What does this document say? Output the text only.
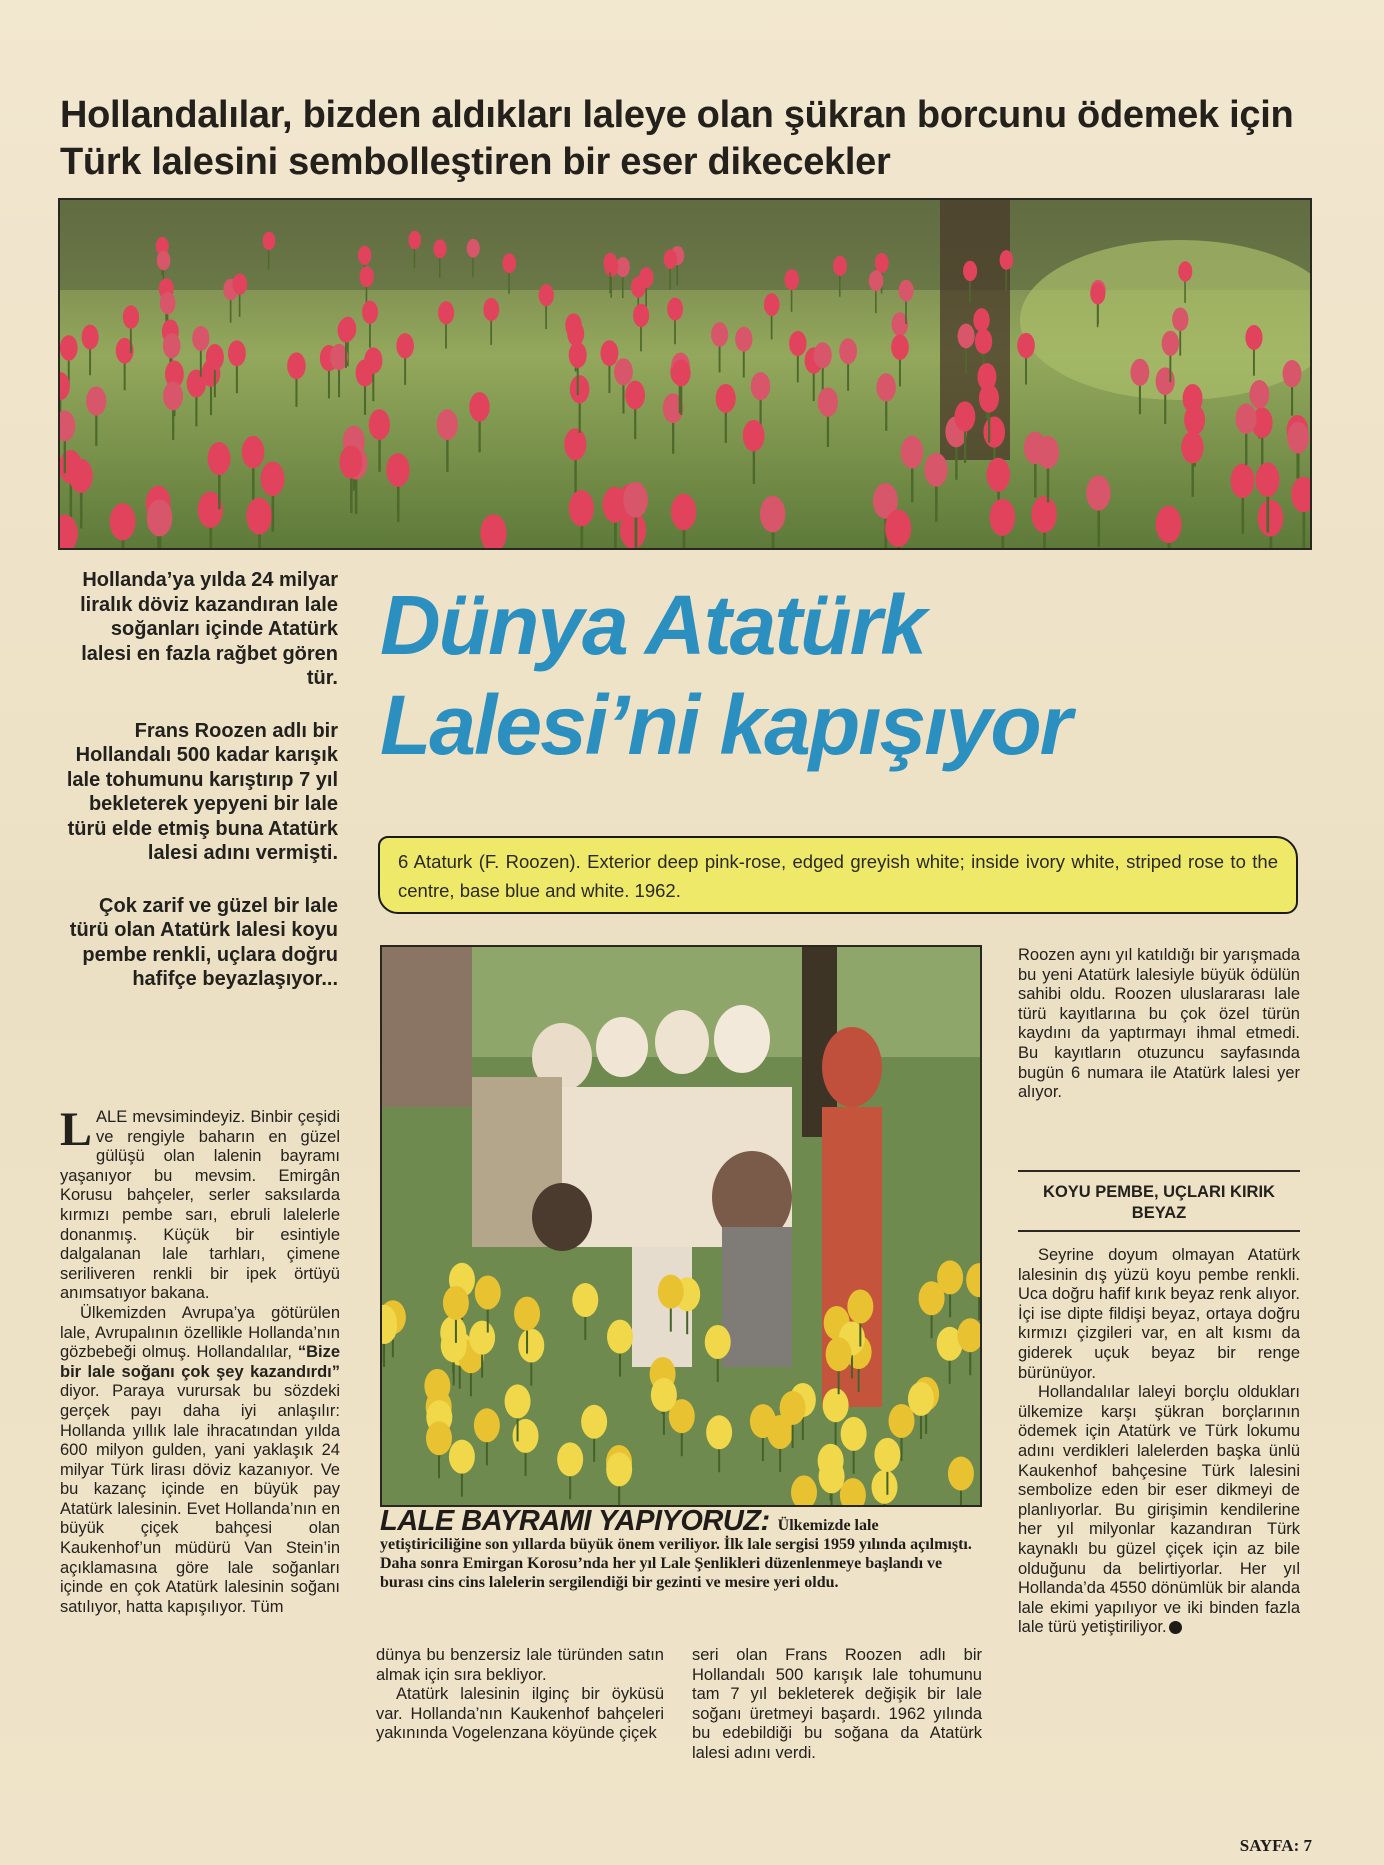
Hollandalılar, bizden aldıkları laleye olan şükran borcunu ödemek için Türk lalesini sembolleştiren bir eser dikecekler

Hollanda’ya yılda 24 milyar liralık döviz kazandıran lale soğanları içinde Atatürk lalesi en fazla rağbet gören tür.

Frans Roozen adlı bir Hollandalı 500 kadar karışık lale tohumunu karıştırıp 7 yıl bekleterek yepyeni bir lale türü elde etmiş buna Atatürk lalesi adını vermişti.

Çok zarif ve güzel bir lale türü olan Atatürk lalesi koyu pembe renkli, uçlara doğru hafifçe beyazlaşıyor...

Dünya Atatürk
Lalesi’ni kapışıyor
6 Ataturk (F. Roozen). Exterior deep pink-rose, edged greyish white; inside ivory white, striped rose to the centre, base blue and white. 1962.
LALE BAYRAMI YAPIYORUZ: Ülkemizde lale yetiştiriciliğine son yıllarda büyük önem veriliyor. İlk lale sergisi 1959 yılında açılmıştı. Daha sonra Emirgan Korosu’nda her yıl Lale Şenlikleri düzenlenmeye başlandı ve burası cins cins lalelerin sergilendiği bir gezinti ve mesire yeri oldu.

LALE mevsimindeyiz. Binbir çeşidi ve rengiyle baharın en güzel gülüşü olan lalenin bayramı yaşanıyor bu mevsim. Emirgân Korusu bahçeler, serler saksılarda kırmızı pembe sarı, ebruli lalelerle donanmış. Küçük bir esintiyle dalgalanan lale tarhları, çimene seriliveren renkli bir ipek örtüyü anımsatıyor bakana.

Ülkemizden Avrupa’ya götürülen lale, Avrupalının özellikle Hollanda’nın gözbebeği olmuş. Hollandalılar, “Bize bir lale soğanı çok şey kazandırdı” diyor. Paraya vurursak bu sözdeki gerçek payı daha iyi anlaşılır: Hollanda yıllık lale ihracatından yılda 600 milyon gulden, yani yaklaşık 24 milyar Türk lirası döviz kazanıyor. Ve bu kazanç içinde en büyük pay Atatürk lalesinin. Evet Hollanda’nın en büyük çiçek bahçesi olan Kaukenhof’un müdürü Van Stein’in açıklamasına göre lale soğanları içinde en çok Atatürk lalesinin soğanı satılıyor, hatta kapışılıyor. Tüm

dünya bu benzersiz lale türünden satın almak için sıra bekliyor.

Atatürk lalesinin ilginç bir öyküsü var. Hollanda’nın Kaukenhof bahçeleri yakınında Vogelenzana köyünde çiçek

seri olan Frans Roozen adlı bir Hollandalı 500 karışık lale tohumunu tam 7 yıl bekleterek değişik bir lale soğanı üretmeyi başardı. 1962 yılında bu edebildiği bu soğana da Atatürk lalesi adını verdi.

Roozen aynı yıl katıldığı bir yarışmada bu yeni Atatürk lalesiyle büyük ödülün sahibi oldu. Roozen uluslararası lale türü kayıtlarına bu çok özel türün kaydını da yaptırmayı ihmal etmedi. Bu kayıtların otuzuncu sayfasında bugün 6 numara ile Atatürk lalesi yer alıyor.

KOYU PEMBE, UÇLARI KIRIK BEYAZ

Seyrine doyum olmayan Atatürk lalesinin dış yüzü koyu pembe renkli. Uca doğru hafif kırık beyaz renk alıyor. İçi ise dipte fildişi beyaz, ortaya doğru kırmızı çizgileri var, en alt kısmı da giderek uçuk beyaz bir renge bürünüyor.

Hollandalılar laleyi borçlu oldukları ülkemize karşı şükran borçlarının ödemek için Atatürk ve Türk lokumu adını verdikleri lalelerden başka ünlü Kaukenhof bahçesine Türk lalesini sembolize eden bir eser dikmeyi de planlıyorlar. Bu girişimin kendilerine her yıl milyonlar kazandıran Türk kaynaklı bu güzel çiçek için az bile olduğunu da belirtiyorlar. Her yıl Hollanda’da 4550 dönümlük bir alanda lale ekimi yapılıyor ve iki binden fazla lale türü yetiştiriliyor.

SAYFA: 7
